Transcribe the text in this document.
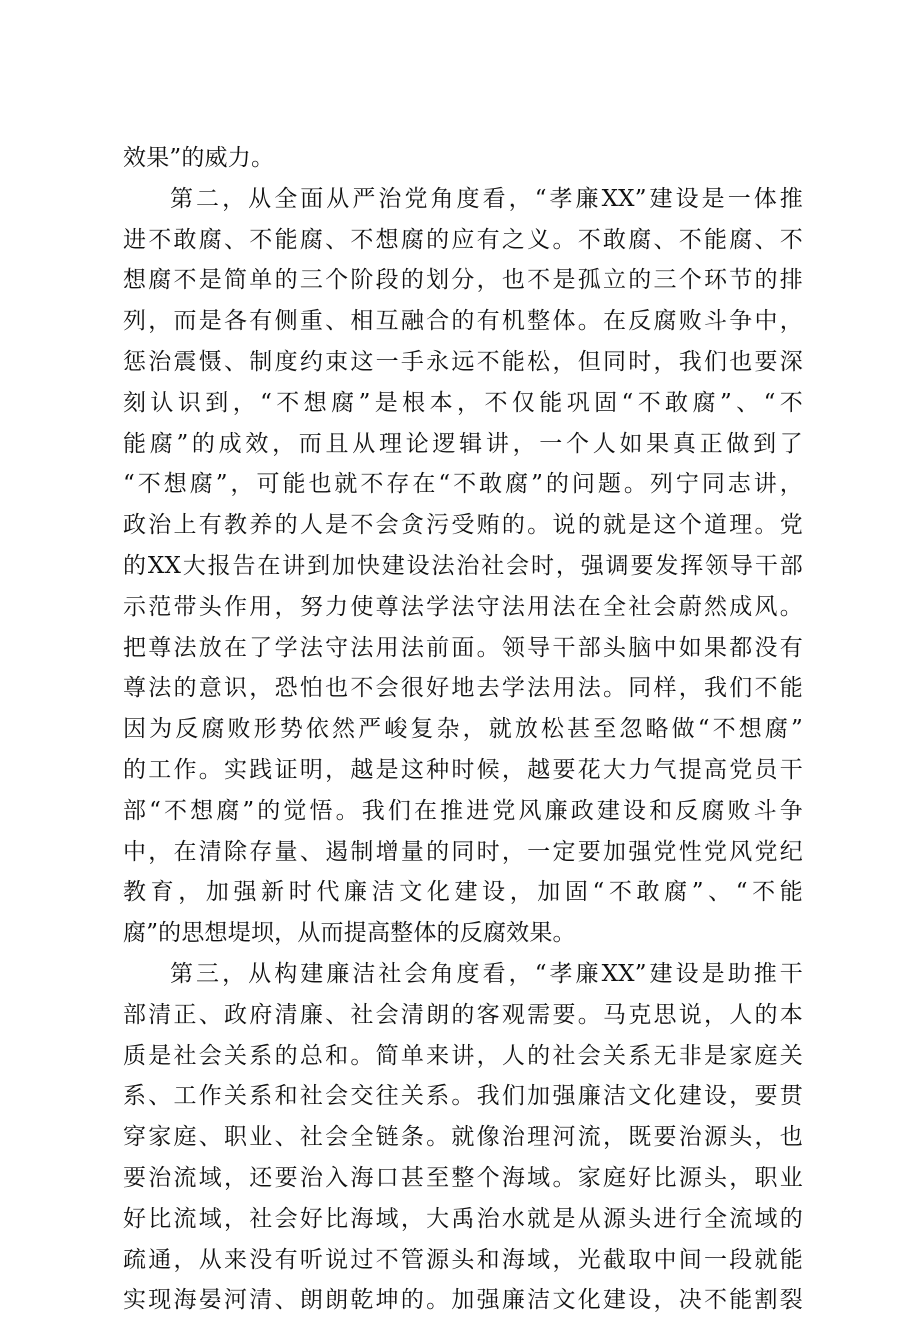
效果”的威力。
第二，从全面从严治党角度看，“孝廉XX”建设是一体推
进不敢腐、不能腐、不想腐的应有之义。不敢腐、不能腐、不
想腐不是简单的三个阶段的划分，也不是孤立的三个环节的排
列，而是各有侧重、相互融合的有机整体。在反腐败斗争中，
惩治震慑、制度约束这一手永远不能松，但同时，我们也要深
刻认识到，“不想腐”是根本，不仅能巩固“不敢腐”、“不
能腐”的成效，而且从理论逻辑讲，一个人如果真正做到了
“不想腐”，可能也就不存在“不敢腐”的问题。列宁同志讲，
政治上有教养的人是不会贪污受贿的。说的就是这个道理。党
的XX大报告在讲到加快建设法治社会时，强调要发挥领导干部
示范带头作用，努力使尊法学法守法用法在全社会蔚然成风。
把尊法放在了学法守法用法前面。领导干部头脑中如果都没有
尊法的意识，恐怕也不会很好地去学法用法。同样，我们不能
因为反腐败形势依然严峻复杂，就放松甚至忽略做“不想腐”
的工作。实践证明，越是这种时候，越要花大力气提高党员干
部“不想腐”的觉悟。我们在推进党风廉政建设和反腐败斗争
中，在清除存量、遏制增量的同时，一定要加强党性党风党纪
教育，加强新时代廉洁文化建设，加固“不敢腐”、“不能
腐”的思想堤坝，从而提高整体的反腐效果。
第三，从构建廉洁社会角度看，“孝廉XX”建设是助推干
部清正、政府清廉、社会清朗的客观需要。马克思说，人的本
质是社会关系的总和。简单来讲，人的社会关系无非是家庭关
系、工作关系和社会交往关系。我们加强廉洁文化建设，要贯
穿家庭、职业、社会全链条。就像治理河流，既要治源头，也
要治流域，还要治入海口甚至整个海域。家庭好比源头，职业
好比流域，社会好比海域，大禹治水就是从源头进行全流域的
疏通，从来没有听说过不管源头和海域，光截取中间一段就能
实现海晏河清、朗朗乾坤的。加强廉洁文化建设，决不能割裂
